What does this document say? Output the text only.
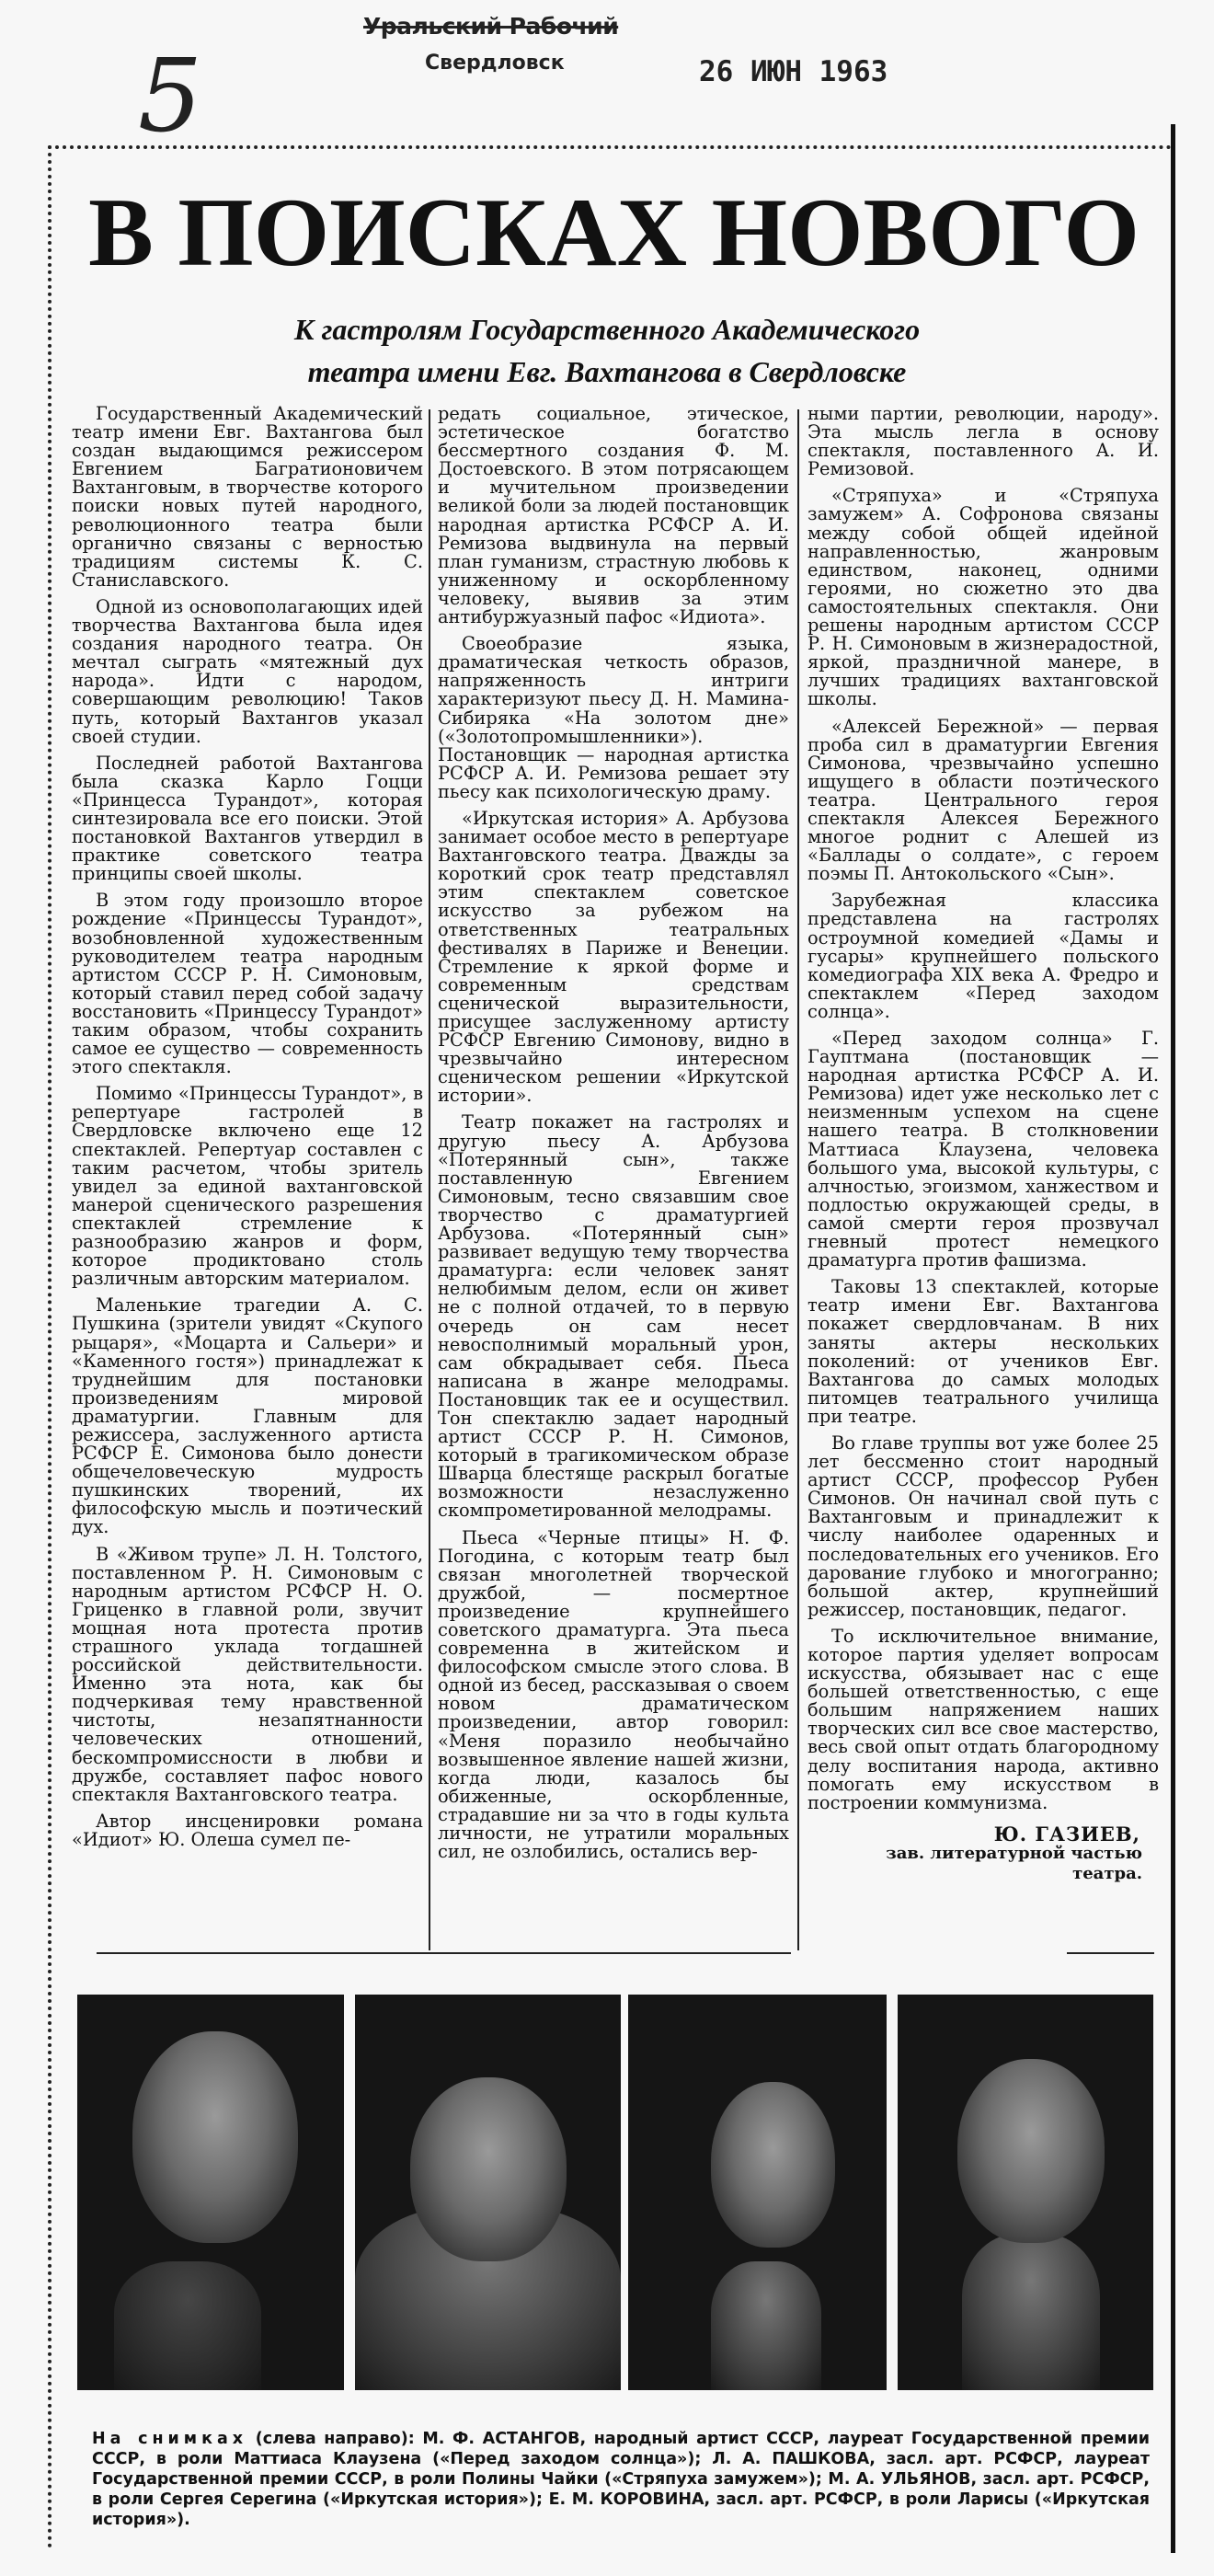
5
Уральский Рабочий
Свердловск	26 ИЮН 1963
В ПОИСКАХ НОВОГО
К гастролям Государственного Академического
театра имени Евг. Вахтангова в Свердловске

Государственный Академический театр имени Евг. Вахтангова был создан выдающимся режиссером Евгением Багратионовичем Вахтанговым, в творчестве которого поиски новых путей народного, революционного театра были органично связаны с верностью традициям системы К. С. Станиславского.

Одной из основополагающих идей творчества Вахтангова была идея создания народного театра. Он мечтал сыграть «мятежный дух народа». Идти с народом, совершающим революцию! Таков путь, который Вахтангов указал своей студии.

Последней работой Вахтангова была сказка Карло Гоцци «Принцесса Турандот», которая синтезировала все его поиски. Этой постановкой Вахтангов утвердил в практике советского театра принципы своей школы.

В этом году произошло второе рождение «Принцессы Турандот», возобновленной художественным руководителем театра народным артистом СССР Р. Н. Симоновым, который ставил перед собой задачу восстановить «Принцессу Турандот» таким образом, чтобы сохранить самое ее существо — современность этого спектакля.

Помимо «Принцессы Турандот», в репертуаре гастролей в Свердловске включено еще 12 спектаклей. Репертуар составлен с таким расчетом, чтобы зритель увидел за единой вахтанговской манерой сценического разрешения спектаклей стремление к разнообразию жанров и форм, которое продиктовано столь различным авторским материалом.

Маленькие трагедии А. С. Пушкина (зрители увидят «Скупого рыцаря», «Моцарта и Сальери» и «Каменного гостя») принадлежат к труднейшим для постановки произведениям мировой драматургии. Главным для режиссера, заслуженного артиста РСФСР Е. Симонова было донести общечеловеческую мудрость пушкинских творений, их философскую мысль и поэтический дух.

В «Живом трупе» Л. Н. Толстого, поставленном Р. Н. Симоновым с народным артистом РСФСР Н. О. Гриценко в главной роли, звучит мощная нота протеста против страшного уклада тогдашней российской действительности. Именно эта нота, как бы подчеркивая тему нравственной чистоты, незапятнанности человеческих отношений, бескомпромиссности в любви и дружбе, составляет пафос нового спектакля Вахтанговского театра.

Автор инсценировки романа «Идиот» Ю. Олеша сумел пе-

редать социальное, этическое, эстетическое богатство бессмертного создания Ф. М. Достоевского. В этом потрясающем и мучительном произведении великой боли за людей постановщик народная артистка РСФСР А. И. Ремизова выдвинула на первый план гуманизм, страстную любовь к униженному и оскорбленному человеку, выявив за этим антибуржуазный пафос «Идиота».

Своеобразие языка, драматическая четкость образов, напряженность интриги характеризуют пьесу Д. Н. Мамина-Сибиряка «На золотом дне» («Золотопромышленники»). Постановщик — народная артистка РСФСР А. И. Ремизова решает эту пьесу как психологическую драму.

«Иркутская история» А. Арбузова занимает особое место в репертуаре Вахтанговского театра. Дважды за короткий срок театр представлял этим спектаклем советское искусство за рубежом на ответственных театральных фестивалях в Париже и Венеции. Стремление к яркой форме и современным средствам сценической выразительности, присущее заслуженному артисту РСФСР Евгению Симонову, видно в чрезвычайно интересном сценическом решении «Иркутской истории».

Театр покажет на гастролях и другую пьесу А. Арбузова «Потерянный сын», также поставленную Евгением Симоновым, тесно связавшим свое творчество с драматургией Арбузова. «Потерянный сын» развивает ведущую тему творчества драматурга: если человек занят нелюбимым делом, если он живет не с полной отдачей, то в первую очередь он сам несет невосполнимый моральный урон, сам обкрадывает себя. Пьеса написана в жанре мелодрамы. Постановщик так ее и осуществил. Тон спектаклю задает народный артист СССР Р. Н. Симонов, который в трагикомическом образе Шварца блестяще раскрыл богатые возможности незаслуженно скомпрометированной мелодрамы.

Пьеса «Черные птицы» Н. Ф. Погодина, с которым театр был связан многолетней творческой дружбой, — посмертное произведение крупнейшего советского драматурга. Эта пьеса современна в житейском и философском смысле этого слова. В одной из бесед, рассказывая о своем новом драматическом произведении, автор говорил: «Меня поразило необычайно возвышенное явление нашей жизни, когда люди, казалось бы обиженные, оскорбленные, страдавшие ни за что в годы культа личности, не утратили моральных сил, не озлобились, остались вер-

ными партии, революции, народу». Эта мысль легла в основу спектакля, поставленного А. И. Ремизовой.

«Стряпуха» и «Стряпуха замужем» А. Софронова связаны между собой общей идейной направленностью, жанровым единством, наконец, одними героями, но сюжетно это два самостоятельных спектакля. Они решены народным артистом СССР Р. Н. Симоновым в жизнерадостной, яркой, праздничной манере, в лучших традициях вахтанговской школы.

«Алексей Бережной» — первая проба сил в драматургии Евгения Симонова, чрезвычайно успешно ищущего в области поэтического театра. Центрального героя спектакля Алексея Бережного многое роднит с Алешей из «Баллады о солдате», с героем поэмы П. Антокольского «Сын».

Зарубежная классика представлена на гастролях остроумной комедией «Дамы и гусары» крупнейшего польского комедиографа XIX века А. Фредро и спектаклем «Перед заходом солнца».

«Перед заходом солнца» Г. Гауптмана (постановщик — народная артистка РСФСР А. И. Ремизова) идет уже несколько лет с неизменным успехом на сцене нашего театра. В столкновении Маттиаса Клаузена, человека большого ума, высокой культуры, с алчностью, эгоизмом, ханжеством и подлостью окружающей среды, в самой смерти героя прозвучал гневный протест немецкого драматурга против фашизма.

Таковы 13 спектаклей, которые театр имени Евг. Вахтангова покажет свердловчанам. В них заняты актеры нескольких поколений: от учеников Евг. Вахтангова до самых молодых питомцев театрального училища при театре.

Во главе труппы вот уже более 25 лет бессменно стоит народный артист СССР, профессор Рубен Симонов. Он начинал свой путь с Вахтанговым и принадлежит к числу наиболее одаренных и последовательных его учеников. Его дарование глубоко и многогранно; большой актер, крупнейший режиссер, постановщик, педагог.

То исключительное внимание, которое партия уделяет вопросам искусства, обязывает нас с еще большей ответственностью, с еще большим напряжением наших творческих сил все свое мастерство, весь свой опыт отдать благородному делу воспитания народа, активно помогать ему искусством в построении коммунизма.

Ю. ГАЗИЕВ,
зав. литературной частью
театра.
На снимках (слева направо): М. Ф. АСТАНГОВ, народный артист СССР, лауреат Государственной премии СССР, в роли Маттиаса Клаузена («Перед заходом солнца»); Л. А. ПАШКОВА, засл. арт. РСФСР, лауреат Государственной премии СССР, в роли Полины Чайки («Стряпуха замужем»); М. А. УЛЬЯНОВ, засл. арт. РСФСР, в роли Сергея Серегина («Иркутская история»); Е. М. КОРОВИНА, засл. арт. РСФСР, в роли Ларисы («Иркутская история»).
